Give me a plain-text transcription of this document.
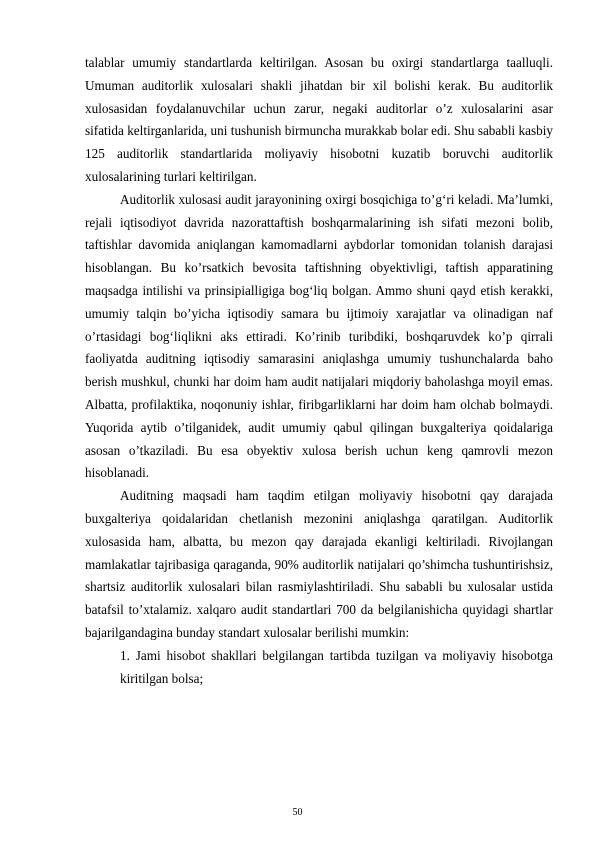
talablar umumiy standartlarda keltirilgan. Asosan bu oxirgi standartlarga taalluqli. Umuman auditorlik xulosalari shakli jihatdan bir xil bolishi kerak. Bu auditorlik xulosasidan foydalanuvchilar uchun zarur, negaki auditorlar o’z xulosalarini asar sifatida keltirganlarida, uni tushunish birmuncha murakkab bolar edi. Shu sababli kasbiy 125 auditorlik standartlarida moliyaviy hisobotni kuzatib boruvchi auditorlik xulosalarining turlari keltirilgan.

Auditorlik xulosasi audit jarayonining oxirgi bosqichiga to’g‘ri keladi. Ma’lumki, rejali iqtisodiyot davrida nazorattaftish boshqarmalarining ish sifati mezoni bolib, taftishlar davomida aniqlangan kamomadlarni aybdorlar tomonidan tolanish darajasi hisoblangan. Bu ko’rsatkich bevosita taftishning obyektivligi, taftish apparatining maqsadga intilishi va prinsipialligiga bog‘liq bolgan. Ammo shuni qayd etish kerakki, umumiy talqin bo’yicha iqtisodiy samara bu ijtimoiy xarajatlar va olinadigan naf o’rtasidagi bog‘liqlikni aks ettiradi. Ko’rinib turibdiki, boshqaruvdek ko’p qirrali faoliyatda auditning iqtisodiy samarasini aniqlashga umumiy tushunchalarda baho berish mushkul, chunki har doim ham audit natijalari miqdoriy baholashga moyil emas. Albatta, profilaktika, noqonuniy ishlar, firibgarliklarni har doim ham olchab bolmaydi. Yuqorida aytib o’tilganidek, audit umumiy qabul qilingan buxgalteriya qoidalariga asosan o’tkaziladi. Bu esa obyektiv xulosa berish uchun keng qamrovli mezon hisoblanadi.

Auditning maqsadi ham taqdim etilgan moliyaviy hisobotni qay darajada buxgalteriya qoidalaridan chetlanish mezonini aniqlashga qaratilgan. Auditorlik xulosasida ham, albatta, bu mezon qay darajada ekanligi keltiriladi. Rivojlangan mamlakatlar tajribasiga qaraganda, 90% auditorlik natijalari qo’shimcha tushuntirishsiz, shartsiz auditorlik xulosalari bilan rasmiylashtiriladi. Shu sababli bu xulosalar ustida batafsil to’xtalamiz. xalqaro audit standartlari 700 da belgilanishicha quyidagi shartlar bajarilgandagina bunday standart xulosalar berilishi mumkin:

1. Jami hisobot shakllari belgilangan tartibda tuzilgan va moliyaviy hisobotga kiritilgan bolsa;

50
